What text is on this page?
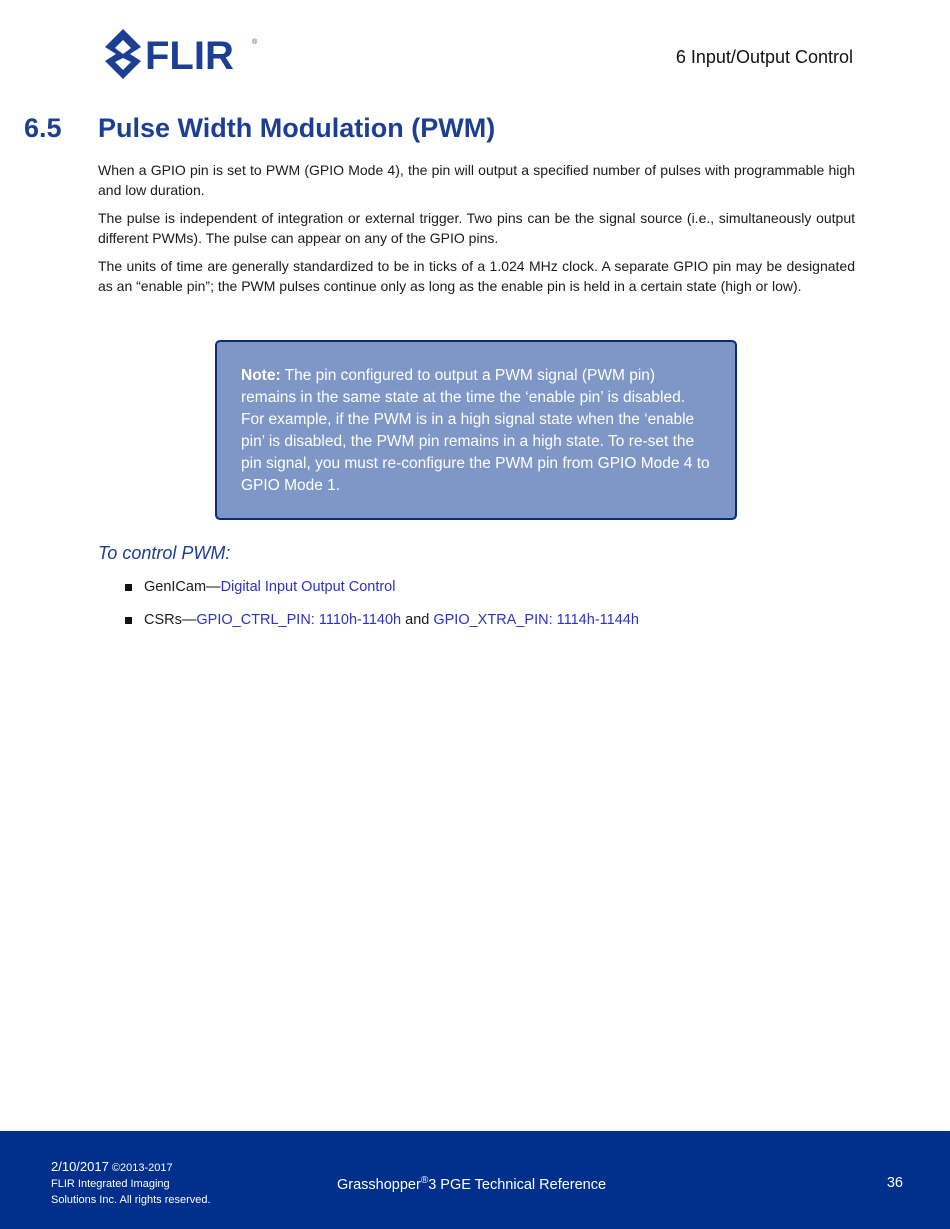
FLIR	®
6 Input/Output Control
6.5 Pulse Width Modulation (PWM)

When a GPIO pin is set to PWM (GPIO Mode 4), the pin will output a specified number of pulses with programmable high and low duration.

The pulse is independent of integration or external trigger. Two pins can be the signal source (i.e., simultaneously output different PWMs). The pulse can appear on any of the GPIO pins.

The units of time are generally standardized to be in ticks of a 1.024 MHz clock. A separate GPIO pin may be designated as an “enable pin”; the PWM pulses continue only as long as the enable pin is held in a certain state (high or low).

Note: The pin configured to output a PWM signal (PWM pin) remains in the same state at the time the ‘enable pin’ is disabled. For example, if the PWM is in a high signal state when the ‘enable pin’ is disabled, the PWM pin remains in a high state. To re-set the pin signal, you must re-configure the PWM pin from GPIO Mode 4 to GPIO Mode 1.
To control PWM:
GenICam—Digital Input Output Control
CSRs—GPIO_CTRL_PIN: 1110h-1140h and GPIO_XTRA_PIN: 1114h-1144h
2/10/2017 ©2013-2017
FLIR Integrated Imaging
Solutions Inc. All rights reserved.
Grasshopper®3 PGE Technical Reference	36
